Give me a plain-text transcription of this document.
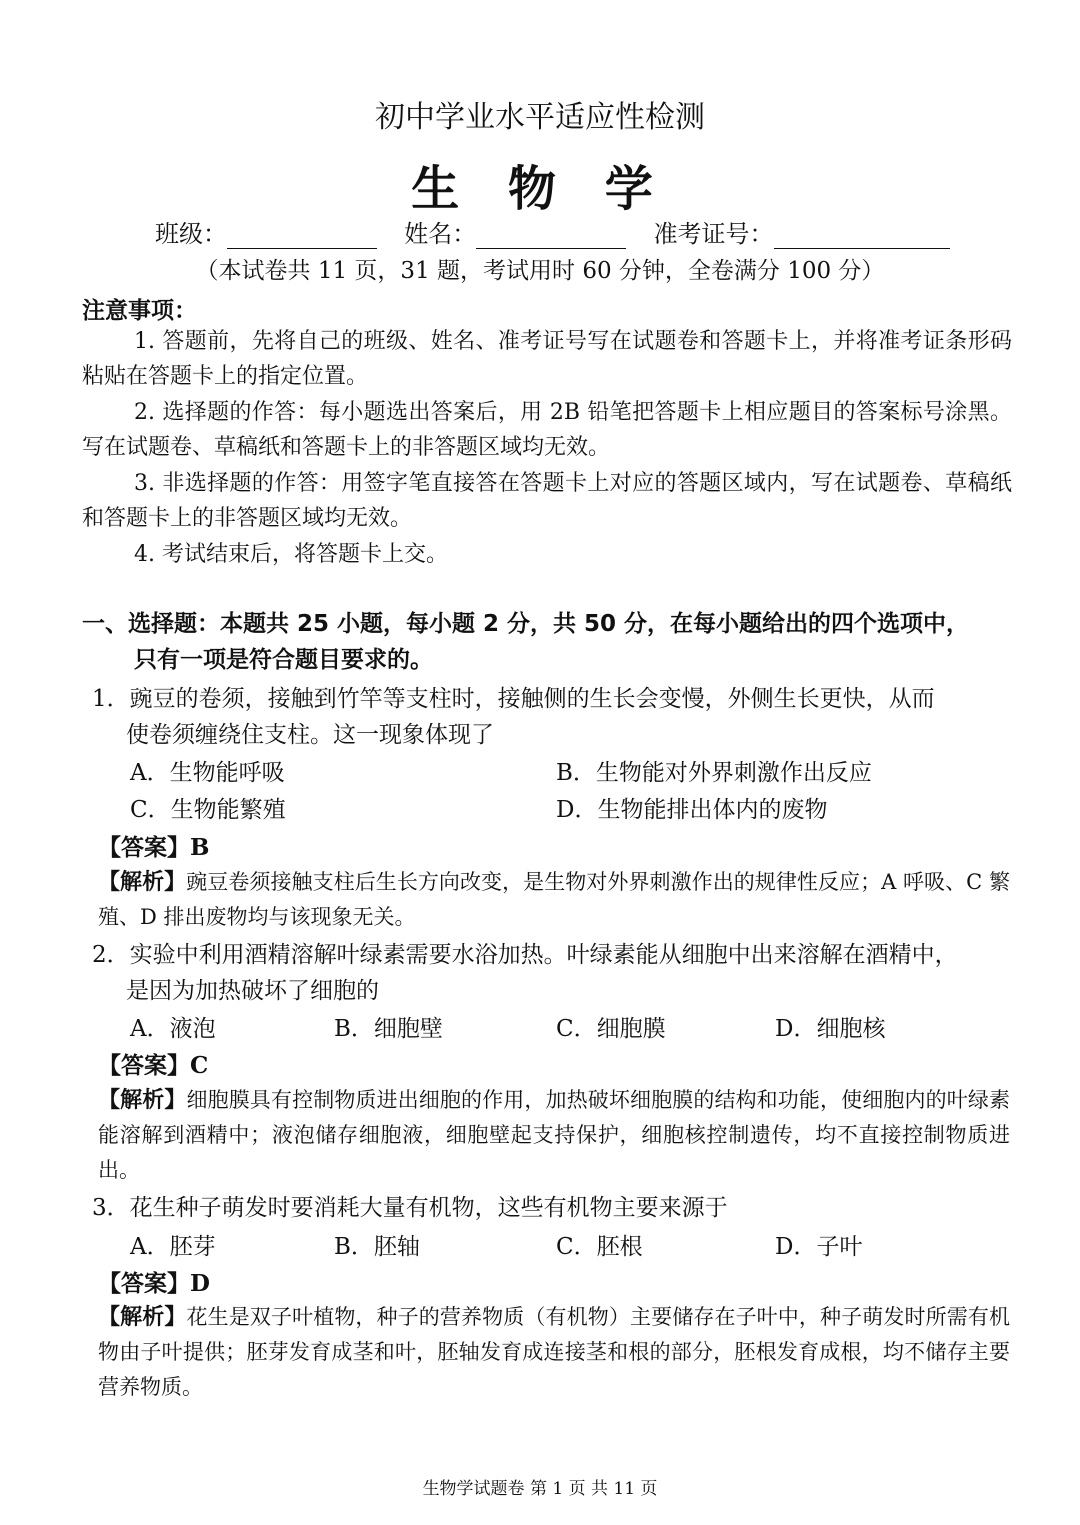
初中学业水平适应性检测
生 物 学
班级：	姓名：	准考证号：
（本试卷共 11 页，31 题，考试用时 60 分钟，全卷满分 100 分）
注意事项：
1. 答题前，先将自己的班级、姓名、准考证号写在试题卷和答题卡上，并将准考证条形码粘贴在答题卡上的指定位置。
2. 选择题的作答：每小题选出答案后，用 2B 铅笔把答题卡上相应题目的答案标号涂黑。写在试题卷、草稿纸和答题卡上的非答题区域均无效。
3. 非选择题的作答：用签字笔直接答在答题卡上对应的答题区域内，写在试题卷、草稿纸和答题卡上的非答题区域均无效。
4. 考试结束后，将答题卡上交。
一、选择题：本题共 25 小题，每小题 2 分，共 50 分，在每小题给出的四个选项中，
只有一项是符合题目要求的。
1．豌豆的卷须，接触到竹竿等支柱时，接触侧的生长会变慢，外侧生长更快，从而
使卷须缠绕住支柱。这一现象体现了
A．生物能呼吸	B．生物能对外界刺激作出反应
C．生物能繁殖	D．生物能排出体内的废物
【答案】B
【解析】豌豆卷须接触支柱后生长方向改变，是生物对外界刺激作出的规律性反应；A 呼吸、C 繁殖、D 排出废物均与该现象无关。
2．实验中利用酒精溶解叶绿素需要水浴加热。叶绿素能从细胞中出来溶解在酒精中，
是因为加热破坏了细胞的
A．液泡	B．细胞壁	C．细胞膜	D．细胞核
【答案】C
【解析】细胞膜具有控制物质进出细胞的作用，加热破坏细胞膜的结构和功能，使细胞内的叶绿素能溶解到酒精中；液泡储存细胞液，细胞壁起支持保护，细胞核控制遗传，均不直接控制物质进出。
3．花生种子萌发时要消耗大量有机物，这些有机物主要来源于
A．胚芽	B．胚轴	C．胚根	D．子叶
【答案】D
【解析】花生是双子叶植物，种子的营养物质（有机物）主要储存在子叶中，种子萌发时所需有机物由子叶提供；胚芽发育成茎和叶，胚轴发育成连接茎和根的部分，胚根发育成根，均不储存主要营养物质。
生物学试题卷 第 1 页 共 11 页
